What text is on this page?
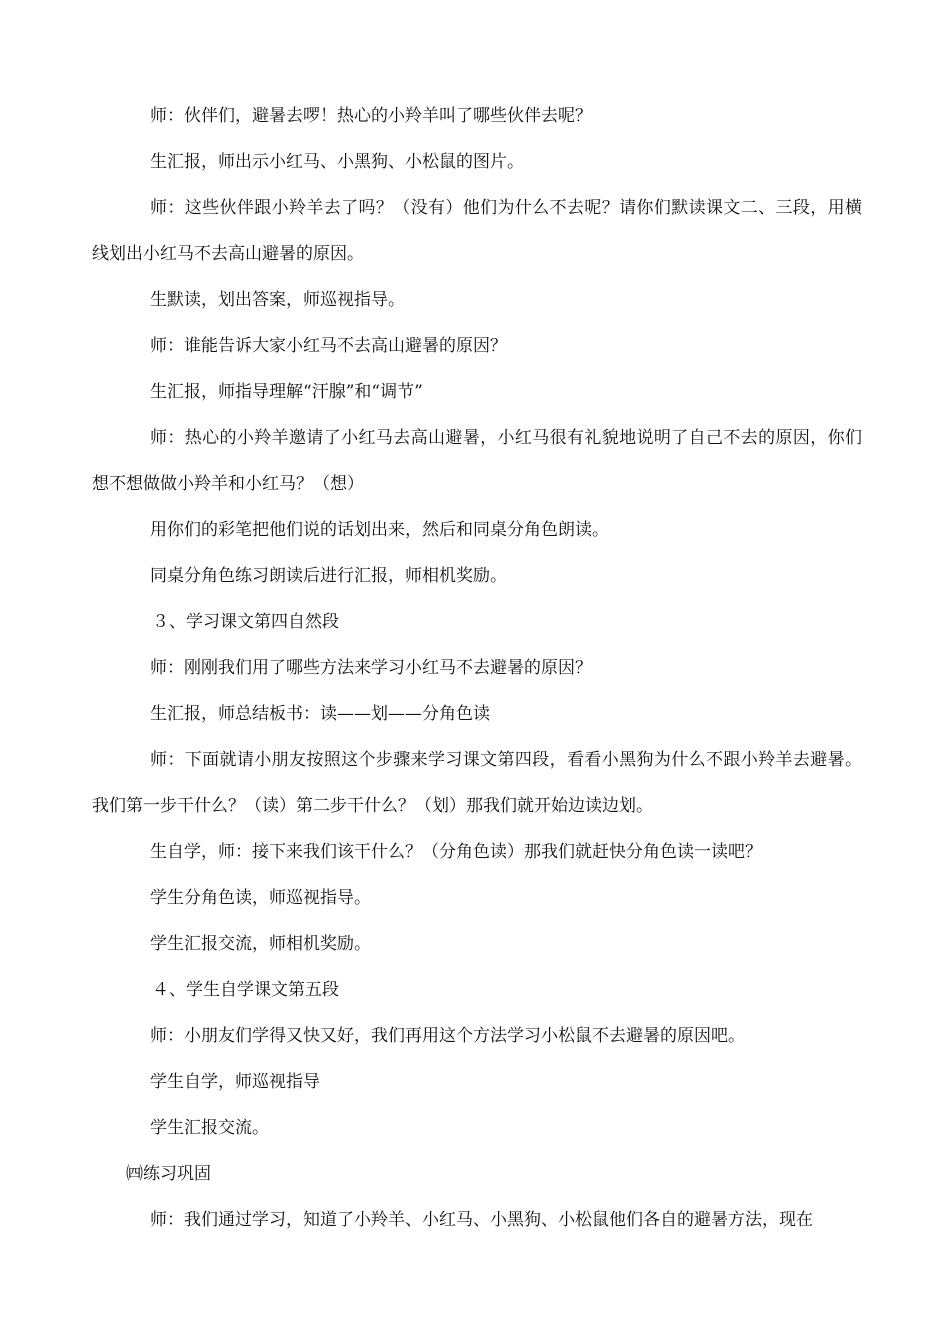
师：伙伴们，避暑去啰！热心的小羚羊叫了哪些伙伴去呢？

生汇报，师出示小红马、小黑狗、小松鼠的图片。

师：这些伙伴跟小羚羊去了吗？（没有）他们为什么不去呢？请你们默读课文二、三段，用横线划出小红马不去高山避暑的原因。

生默读，划出答案，师巡视指导。

师：谁能告诉大家小红马不去高山避暑的原因？

生汇报，师指导理解“汗腺”和“调节”

师：热心的小羚羊邀请了小红马去高山避暑，小红马很有礼貌地说明了自己不去的原因，你们想不想做做小羚羊和小红马？（想）

用你们的彩笔把他们说的话划出来，然后和同桌分角色朗读。

同桌分角色练习朗读后进行汇报，师相机奖励。

３、学习课文第四自然段

师：刚刚我们用了哪些方法来学习小红马不去避暑的原因？

生汇报，师总结板书：读——划——分角色读

师：下面就请小朋友按照这个步骤来学习课文第四段，看看小黑狗为什么不跟小羚羊去避暑。我们第一步干什么？（读）第二步干什么？（划）那我们就开始边读边划。

生自学，师：接下来我们该干什么？（分角色读）那我们就赶快分角色读一读吧？

学生分角色读，师巡视指导。

学生汇报交流，师相机奖励。

４、学生自学课文第五段

师：小朋友们学得又快又好，我们再用这个方法学习小松鼠不去避暑的原因吧。

学生自学，师巡视指导

学生汇报交流。

㈣练习巩固

师：我们通过学习，知道了小羚羊、小红马、小黑狗、小松鼠他们各自的避暑方法，现在
